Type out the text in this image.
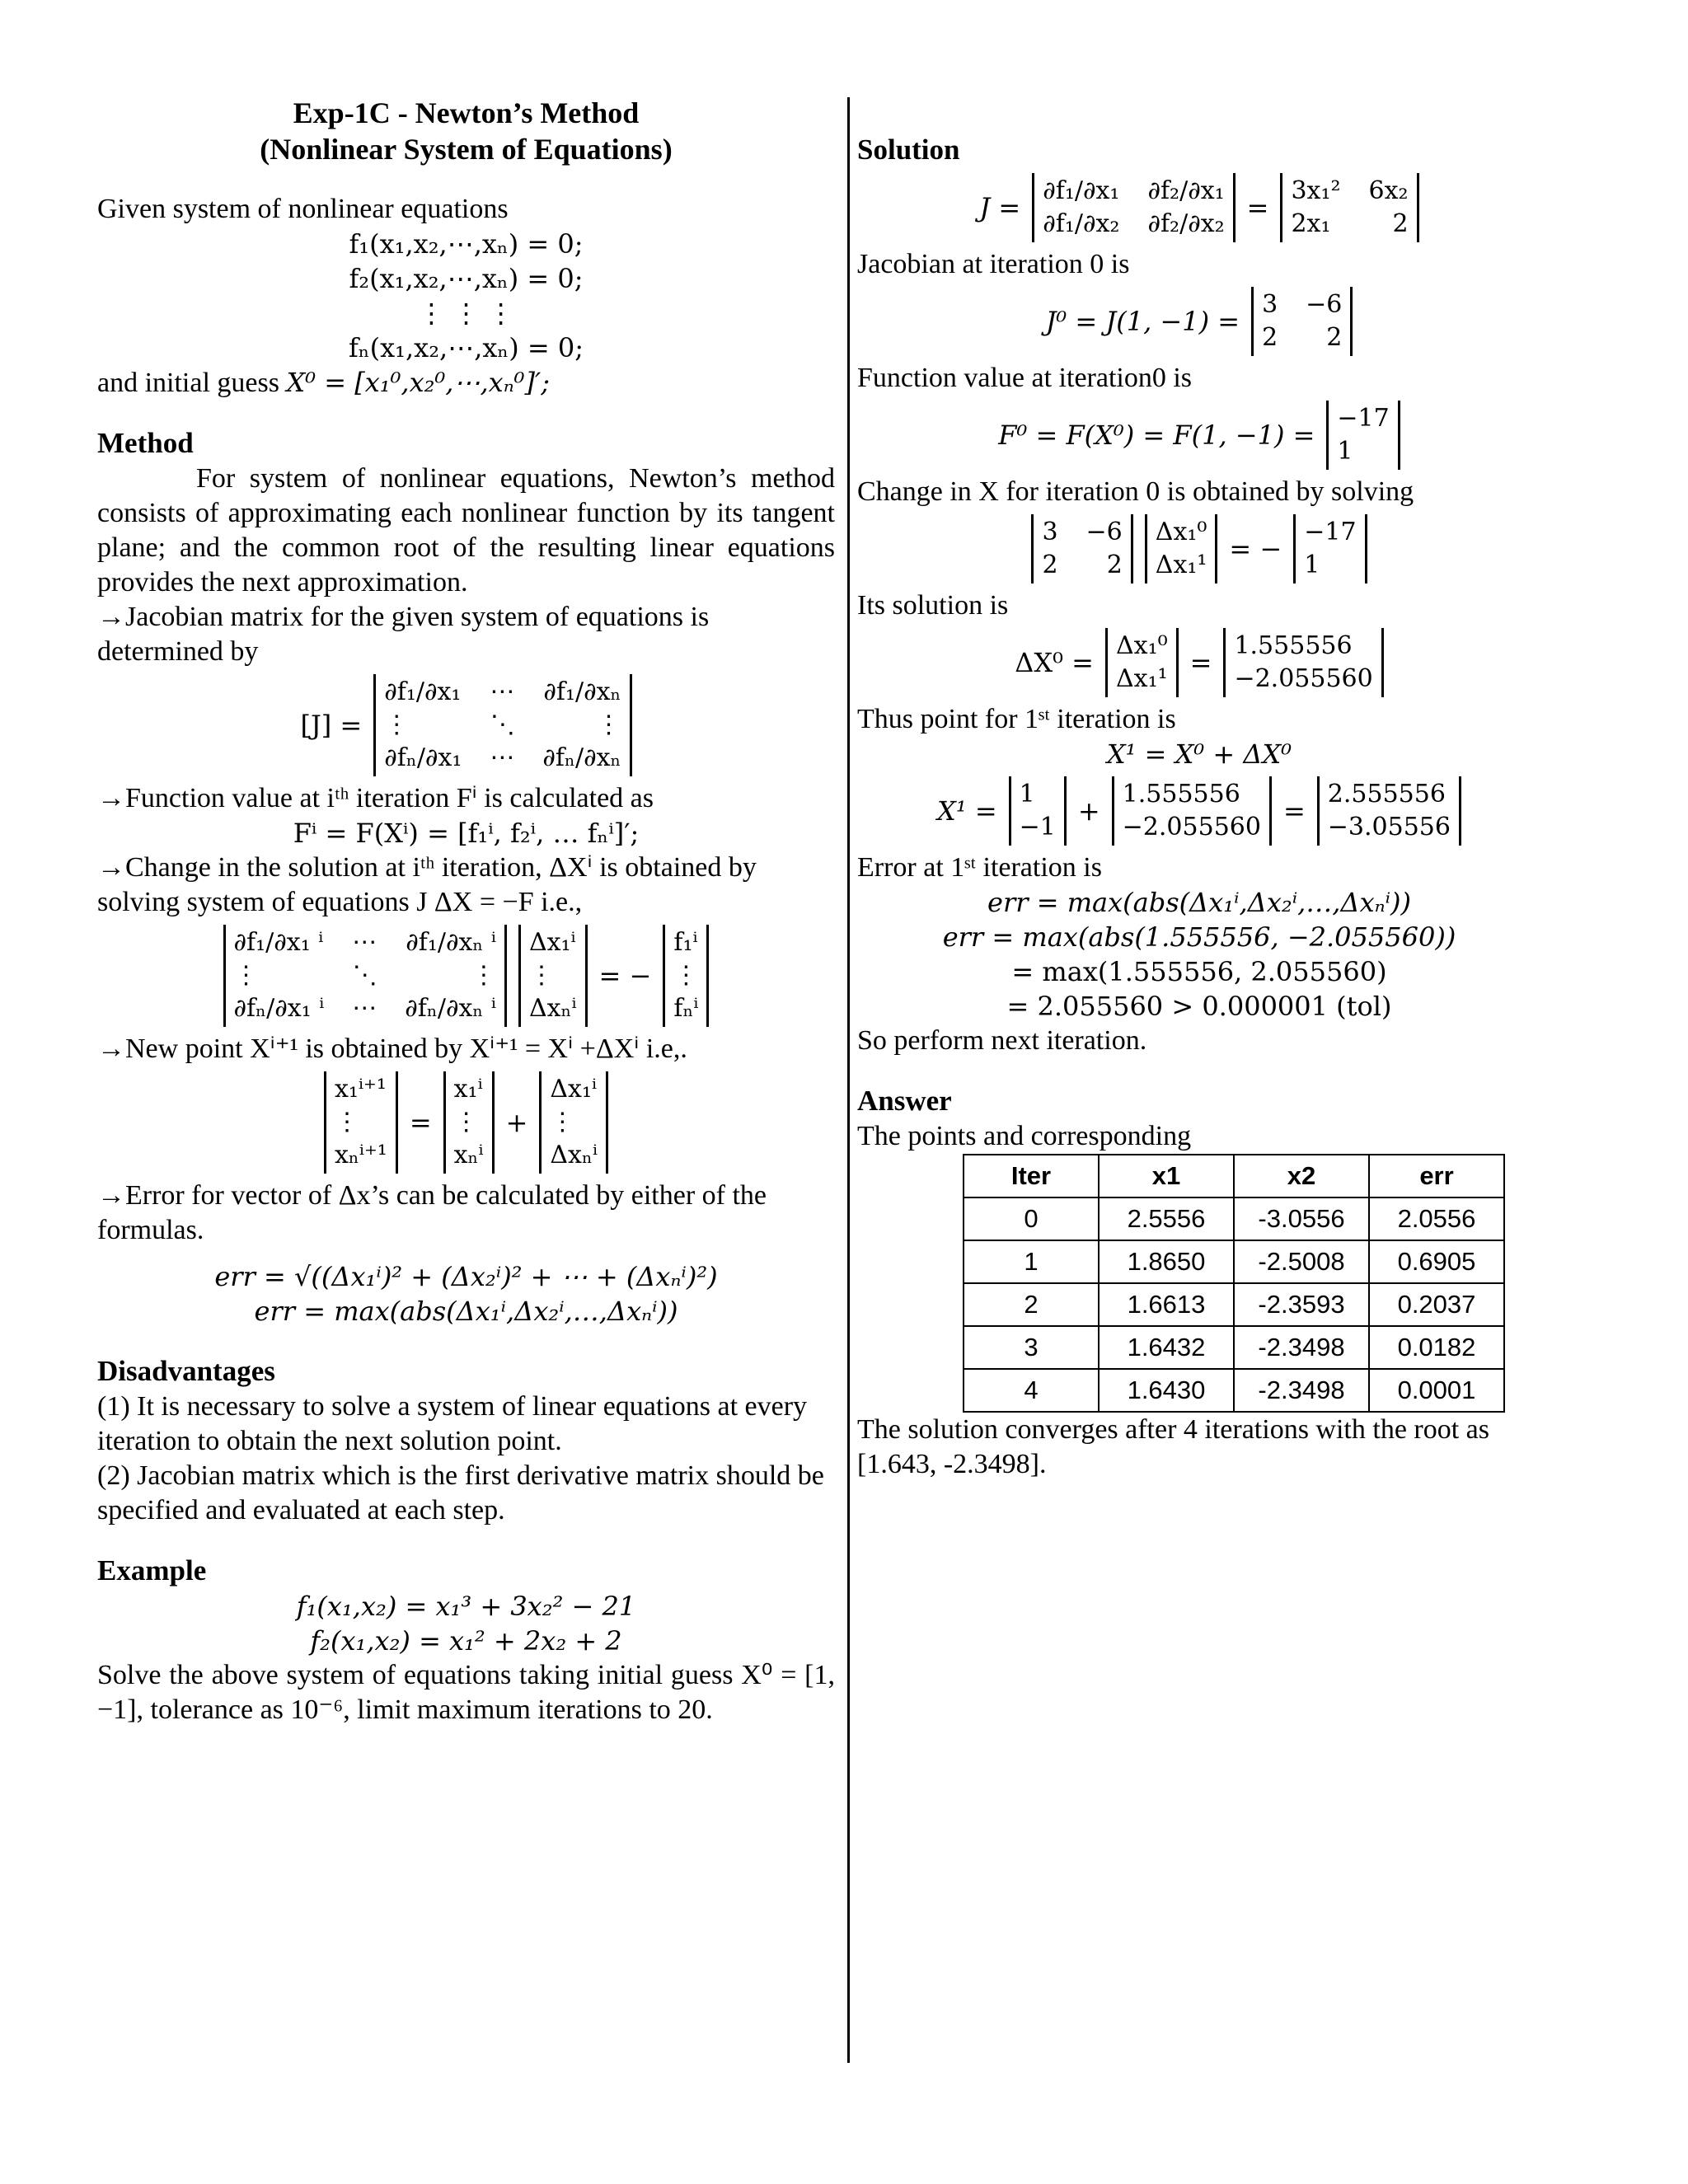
Exp-1C - Newton’s Method
(Nonlinear System of Equations)

Given system of nonlinear equations

f₁(x₁,x₂,⋯,xₙ) = 0;
f₂(x₁,x₂,⋯,xₙ) = 0;
⋮ ⋮ ⋮
fₙ(x₁,x₂,⋯,xₙ) = 0;

and initial guess X⁰ = [x₁⁰,x₂⁰,⋯,xₙ⁰]′;

Method

For system of nonlinear equations, Newton’s method consists of approximating each nonlinear function by its tangent plane; and the common root of the resulting linear equations provides the next approximation.

→Jacobian matrix for the given system of equations is determined by

[J] =
∂f₁/∂x₁ ⋯ ∂f₁/∂xₙ
⋮	⋱	⋮
∂fₙ/∂x₁ ⋯ ∂fₙ/∂xₙ

→Function value at iᵗʰ iteration Fⁱ is calculated as

Fⁱ = F(Xⁱ) = [f₁ⁱ, f₂ⁱ, … fₙⁱ]′;

→Change in the solution at iᵗʰ iteration, ΔXⁱ is obtained by solving system of equations J ΔX = −F i.e.,

∂f₁/∂x₁ ⁱ ⋯ ∂f₁/∂xₙ ⁱ
⋮	⋱	⋮
∂fₙ/∂x₁ ⁱ ⋯ ∂fₙ/∂xₙ ⁱ
Δx₁ⁱ
⋮
Δxₙⁱ
= −
f₁ⁱ
⋮
fₙⁱ

→New point Xⁱ⁺¹ is obtained by Xⁱ⁺¹ = Xⁱ +ΔXⁱ i.e,.

x₁ⁱ⁺¹
⋮
xₙⁱ⁺¹
=
x₁ⁱ
⋮
xₙⁱ
+
Δx₁ⁱ
⋮
Δxₙⁱ

→Error for vector of Δx’s can be calculated by either of the formulas.

err = √((Δx₁ⁱ)² + (Δx₂ⁱ)² + ⋯ + (Δxₙⁱ)²)
err = max(abs(Δx₁ⁱ,Δx₂ⁱ,…,Δxₙⁱ))

Disadvantages

(1) It is necessary to solve a system of linear equations at every iteration to obtain the next solution point.

(2) Jacobian matrix which is the first derivative matrix should be specified and evaluated at each step.

Example

f₁(x₁,x₂) = x₁³ + 3x₂² − 21
f₂(x₁,x₂) = x₁² + 2x₂ + 2

Solve the above system of equations taking initial guess X⁰ = [1, −1], tolerance as 10⁻⁶, limit maximum iterations to 20.

Solution

J =
∂f₁/∂x₁ ∂f₂/∂x₁
∂f₁/∂x₂ ∂f₂/∂x₂
=
3x₁² 6x₂
2x₁ 2

Jacobian at iteration 0 is

J⁰ = J(1, −1) =
3 −6
2 2

Function value at iteration0 is

F⁰ = F(X⁰) = F(1, −1) =
−17
1

Change in X for iteration 0 is obtained by solving

3 −6
2 2
Δx₁⁰
Δx₁¹
= −
−17
1

Its solution is

ΔX⁰ =
Δx₁⁰
Δx₁¹
=
1.555556
−2.055560

Thus point for 1ˢᵗ iteration is

X¹ = X⁰ + ΔX⁰
X¹ =
1
−1
+
1.555556
−2.055560
=
2.555556
−3.05556

Error at 1ˢᵗ iteration is

err = max(abs(Δx₁ⁱ,Δx₂ⁱ,…,Δxₙⁱ))
err = max(abs(1.555556, −2.055560))
= max(1.555556, 2.055560)
= 2.055560 > 0.000001 (tol)

So perform next iteration.

Answer

The points and corresponding

Iter	x1	x2	err
0	2.5556	-3.0556	2.0556
1	1.8650	-2.5008	0.6905
2	1.6613	-2.3593	0.2037
3	1.6432	-2.3498	0.0182
4	1.6430	-2.3498	0.0001

The solution converges after 4 iterations with the root as [1.643, -2.3498].
